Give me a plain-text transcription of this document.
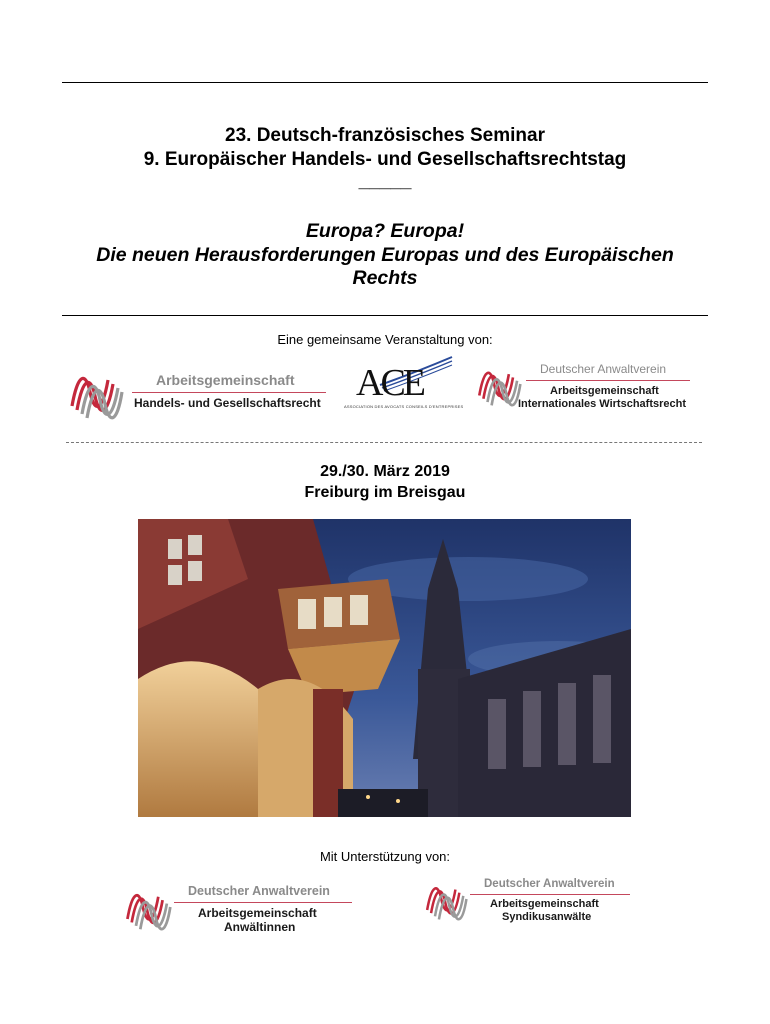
23. Deutsch-französisches Seminar
9. Europäischer Handels- und Gesellschaftsrechtstag
_____
Europa? Europa!
Die neuen Herausforderungen Europas und des Europäischen
Rechts
Eine gemeinsame Veranstaltung von:
Arbeitsgemeinschaft
Handels- und Gesellschaftsrecht ACE
ASSOCIATION DES AVOCATS CONSEILS D'ENTREPRISES
Deutscher Anwaltverein
Arbeitsgemeinschaft
Internationales Wirtschaftsrecht
29./30. März 2019
Freiburg im Breisgau
Mit Unterstützung von:
Deutscher Anwaltverein
Arbeitsgemeinschaft
Anwältinnen
Deutscher Anwaltverein
Arbeitsgemeinschaft
Syndikusanwälte
